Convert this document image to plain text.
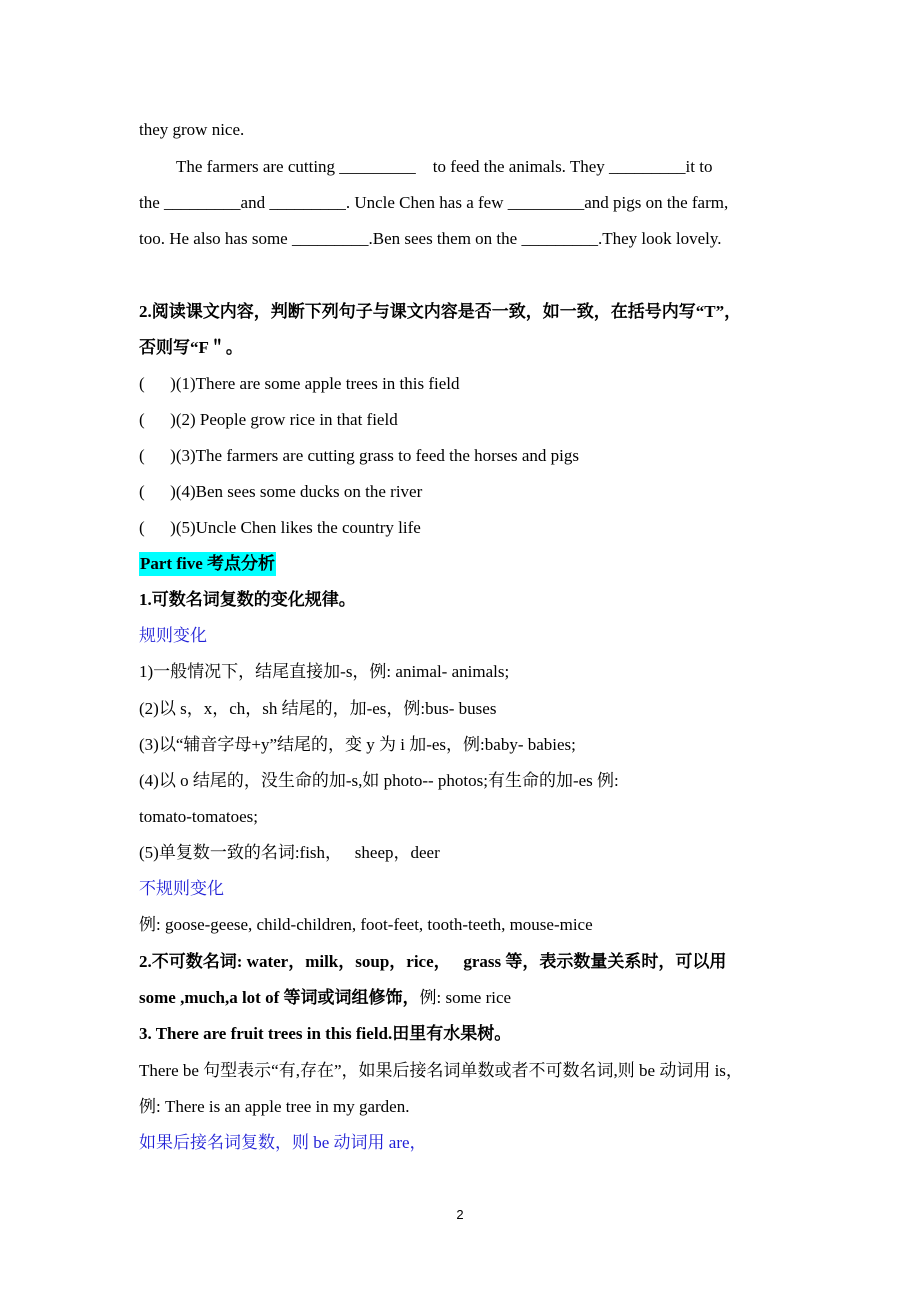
they grow nice.

The farmers are cutting _________    to feed the animals. They _________it to

the _________and _________. Uncle Chen has a few _________and pigs on the farm,

too. He also has some _________.Ben sees them on the _________.They look lovely.

2.阅读课文内容，判断下列句子与课文内容是否一致，如一致，在括号内写“T”，

否则写“F＂。

(      )(1)There are some apple trees in this field

(      )(2) People grow rice in that field

(      )(3)The farmers are cutting grass to feed the horses and pigs

(      )(4)Ben sees some ducks on the river

(      )(5)Uncle Chen likes the country life

Part five 考点分析

1.可数名词复数的变化规律。

规则变化

1)一般情况下，结尾直接加-s，例: animal- animals;

(2)以 s，x，ch，sh 结尾的，加-es，例:bus- buses

(3)以“辅音字母+y”结尾的，变 y 为 i 加-es，例:baby- babies;

(4)以 o 结尾的，没生命的加-s,如 photo-- photos;有生命的加-es 例:

tomato-tomatoes;

(5)单复数一致的名词:fish，   sheep，deer

不规则变化

例: goose-geese, child-children, foot-feet, tooth-teeth, mouse-mice

2.不可数名词: water，milk，soup，rice，   grass 等，表示数量关系时，可以用

some ,much,a lot of 等词或词组修饰，例: some rice

3. There are fruit trees in this field.田里有水果树。

There be 句型表示“有,存在”，如果后接名词单数或者不可数名词,则 be 动词用 is，

例: There is an apple tree in my garden.

如果后接名词复数，则 be 动词用 are，

2
